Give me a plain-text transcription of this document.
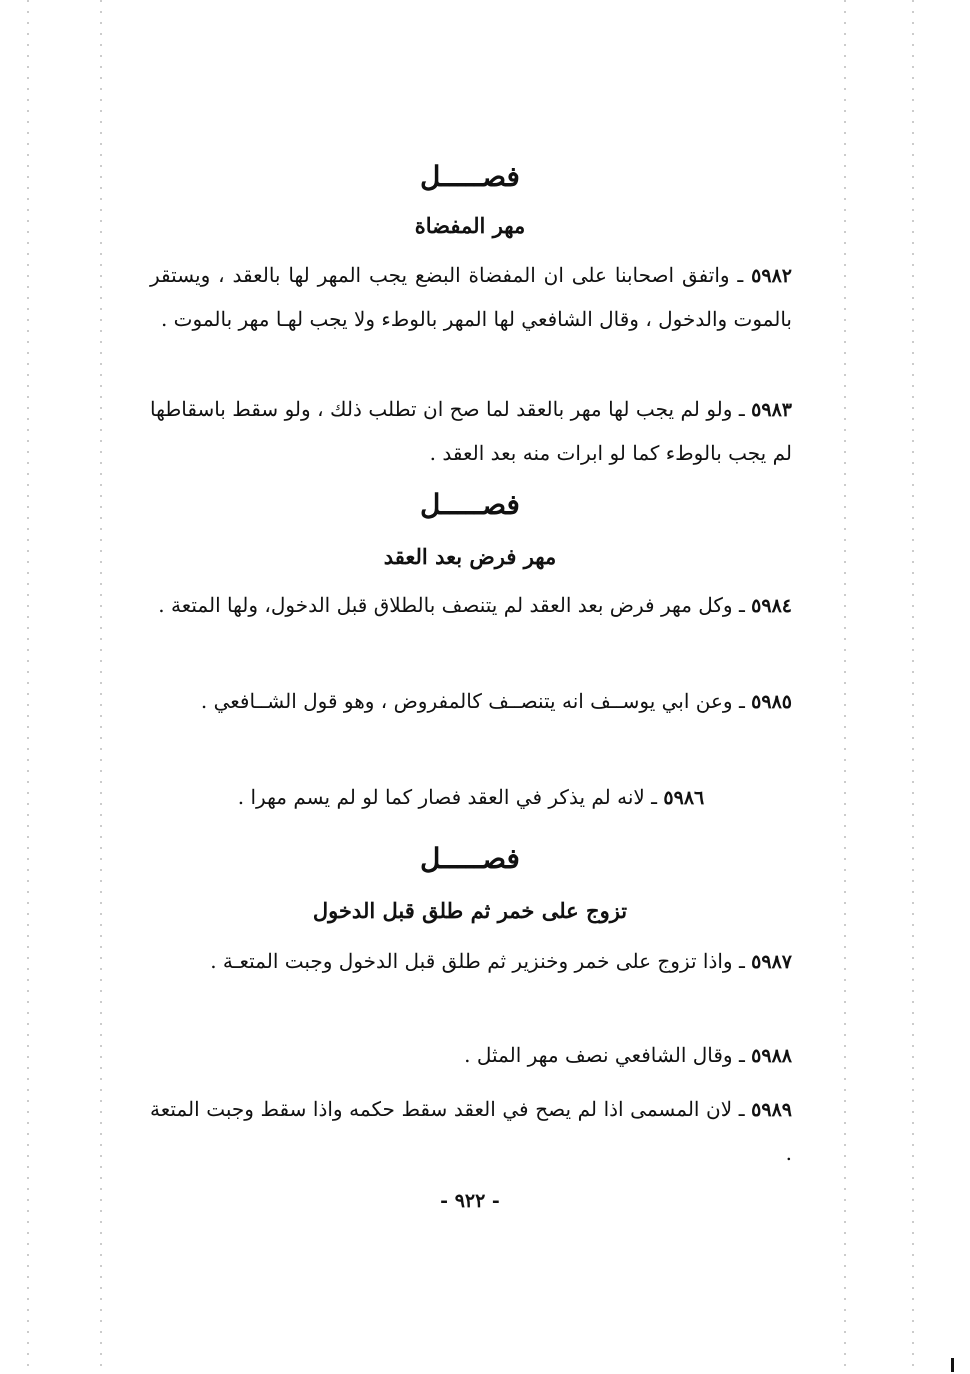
فصـــــل
مهر المفضاة
٥٩٨٢ ـ واتفق اصحابنا على ان المفضاة البضع يجب المهر لها بالعقد ، ويستقر بالموت والدخول ، وقال الشافعي لها المهر بالوطء ولا يجب لهـا مهر بالموت .
٥٩٨٣ ـ ولو لم يجب لها مهر بالعقد لما صح ان تطلب ذلك ، ولو سقط باسقاطها لم يجب بالوطء كما لو ابرات منه بعد العقد .
فصـــــل
مهر فرض بعد العقد
٥٩٨٤ ـ وكل مهر فرض بعد العقد لم يتنصف بالطلاق قبل الدخول، ولها المتعة .
٥٩٨٥ ـ وعن ابي يوســف انه يتنصــف كالمفروض ، وهو قول الشــافعي .
٥٩٨٦ ـ لانه لم يذكر في العقد فصار كما لو لم يسم مهرا .
فصـــــل
تزوج على خمر ثم طلق قبل الدخول
٥٩٨٧ ـ واذا تزوج على خمر وخنزير ثم طلق قبل الدخول وجبت المتعـة .
٥٩٨٨ ـ وقال الشافعي نصف مهر المثل .
٥٩٨٩ ـ لان المسمى اذا لم يصح في العقد سقط حكمه واذا سقط وجبت المتعة .
- ٩٢٢ -
